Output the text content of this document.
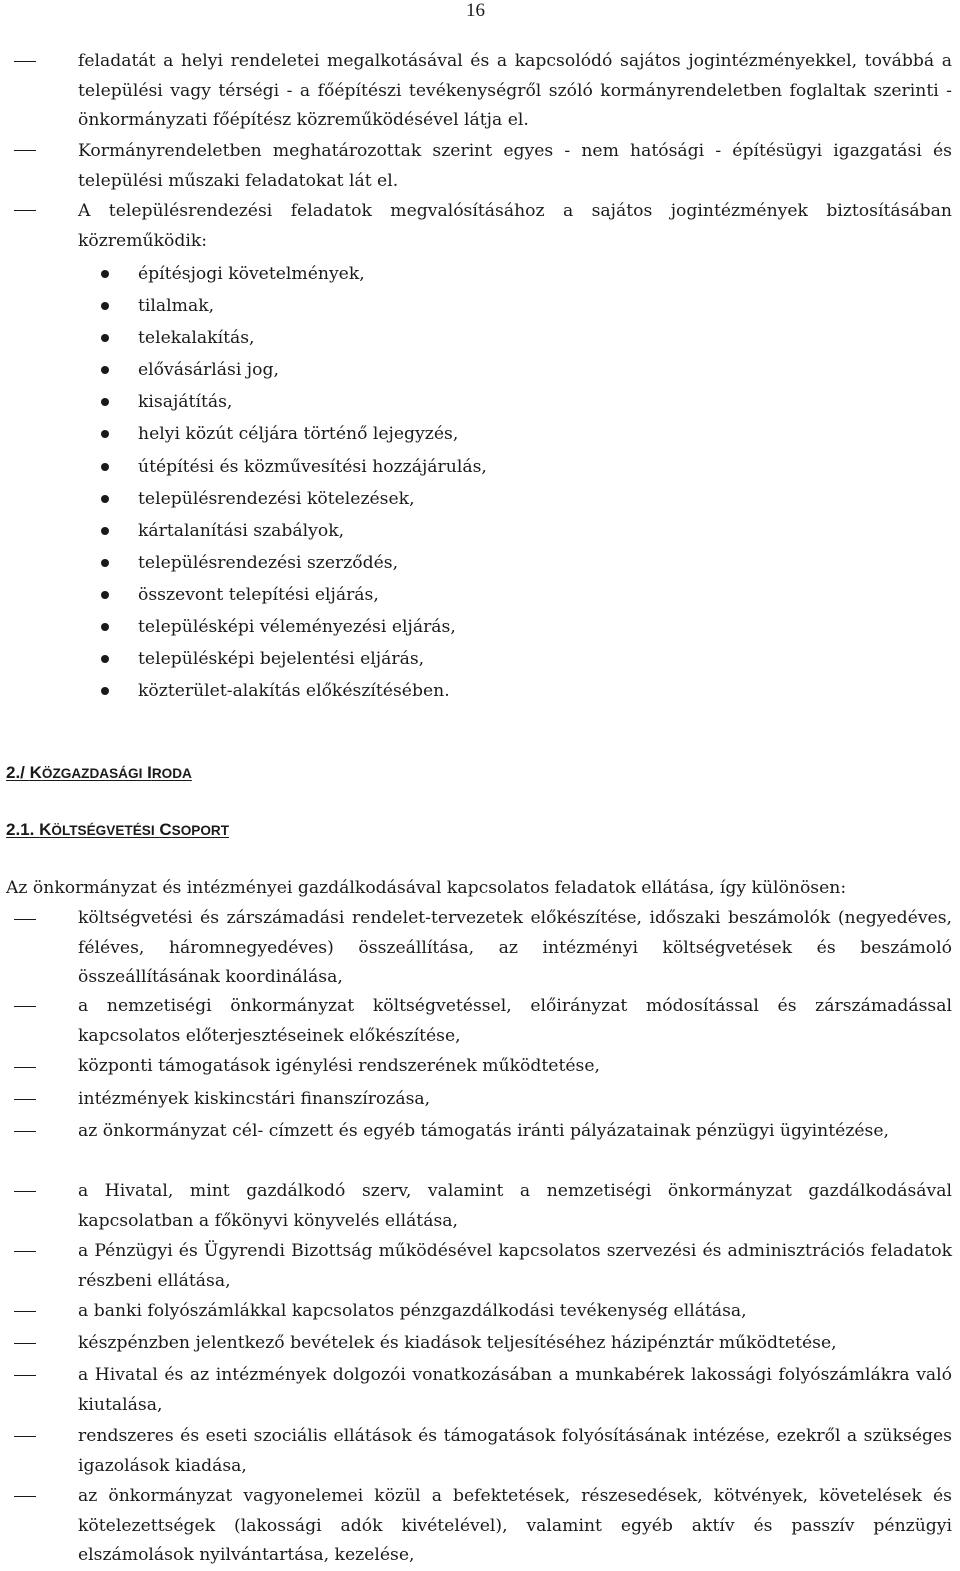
16
feladatát a helyi rendeletei megalkotásával és a kapcsolódó sajátos jogintézményekkel, továbbá a települési vagy térségi - a főépítészi tevékenységről szóló kormányrendeletben foglaltak szerinti - önkormányzati főépítész közreműködésével látja el.
Kormányrendeletben meghatározottak szerint egyes - nem hatósági - építésügyi igazgatási és települési műszaki feladatokat lát el.
A településrendezési feladatok megvalósításához a sajátos jogintézmények biztosításában közreműködik:
építésjogi követelmények,
tilalmak,
telekalakítás,
elővásárlási jog,
kisajátítás,
helyi közút céljára történő lejegyzés,
útépítési és közművesítési hozzájárulás,
településrendezési kötelezések,
kártalanítási szabályok,
településrendezési szerződés,
összevont telepítési eljárás,
településképi véleményezési eljárás,
településképi bejelentési eljárás,
közterület-alakítás előkészítésében.
2./ KÖZGAZDASÁGI IRODA
2.1. KÖLTSÉGVETÉSI CSOPORT
Az önkormányzat és intézményei gazdálkodásával kapcsolatos feladatok ellátása, így különösen:
költségvetési és zárszámadási rendelet-tervezetek előkészítése, időszaki beszámolók (negyedéves, féléves, háromnegyedéves) összeállítása, az intézményi költségvetések és beszámoló összeállításának koordinálása,
a nemzetiségi önkormányzat költségvetéssel, előirányzat módosítással és zárszámadással kapcsolatos előterjesztéseinek előkészítése,
központi támogatások igénylési rendszerének működtetése,
intézmények kiskincstári finanszírozása,
az önkormányzat cél- címzett és egyéb támogatás iránti pályázatainak pénzügyi ügyintézése,
a Hivatal, mint gazdálkodó szerv, valamint a nemzetiségi önkormányzat gazdálkodásával kapcsolatban a főkönyvi könyvelés ellátása,
a Pénzügyi és Ügyrendi Bizottság működésével kapcsolatos szervezési és adminisztrációs feladatok részbeni ellátása,
a banki folyószámlákkal kapcsolatos pénzgazdálkodási tevékenység ellátása,
készpénzben jelentkező bevételek és kiadások teljesítéséhez házipénztár működtetése,
a Hivatal és az intézmények dolgozói vonatkozásában a munkabérek lakossági folyószámlákra való kiutalása,
rendszeres és eseti szociális ellátások és támogatások folyósításának intézése, ezekről a szükséges igazolások kiadása,
az önkormányzat vagyonelemei közül a befektetések, részesedések, kötvények, követelések és kötelezettségek (lakossági adók kivételével), valamint egyéb aktív és passzív pénzügyi elszámolások nyilvántartása, kezelése,
